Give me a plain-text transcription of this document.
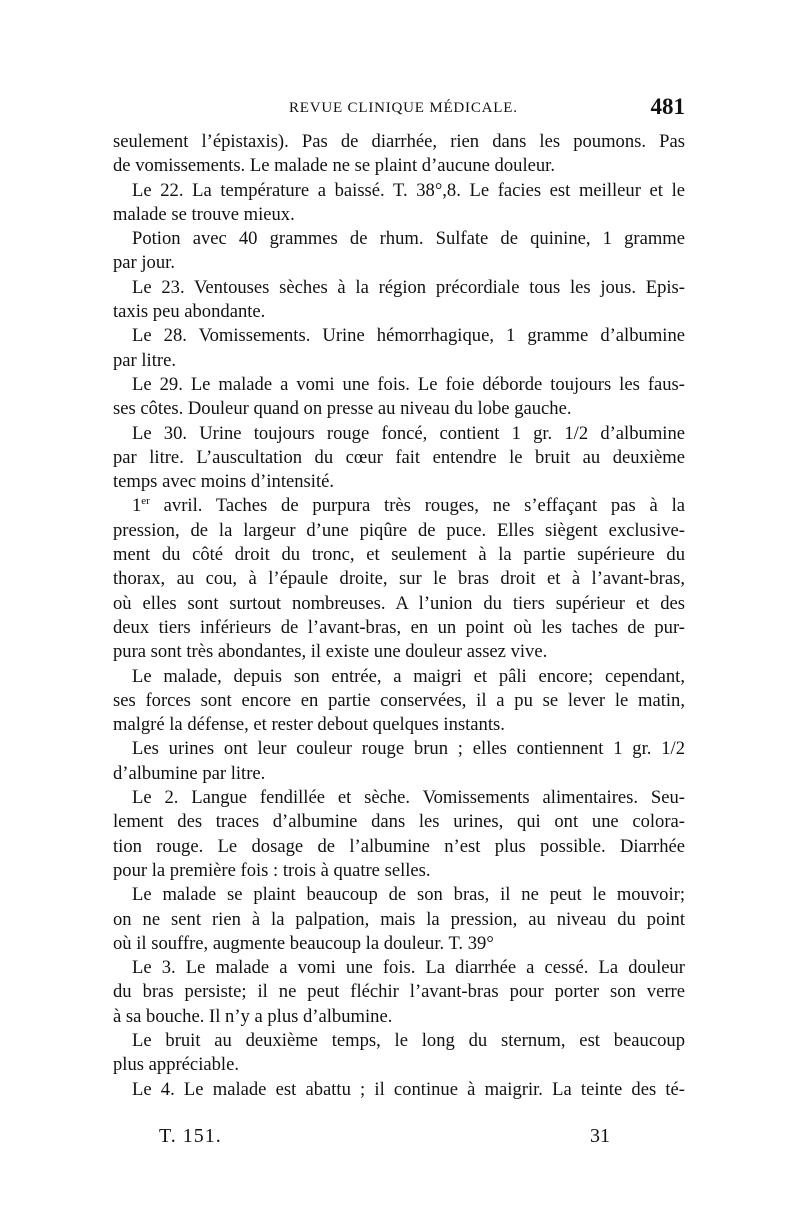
REVUE CLINIQUE MÉDICALE.	481
seulement l’épistaxis). Pas de diarrhée, rien dans les poumons. Pas
de vomissements. Le malade ne se plaint d’aucune douleur.
Le 22. La température a baissé. T. 38°,8. Le facies est meilleur et le
malade se trouve mieux.
Potion avec 40 grammes de rhum. Sulfate de quinine, 1 gramme
par jour.
Le 23. Ventouses sèches à la région précordiale tous les jous. Epis-
taxis peu abondante.
Le 28. Vomissements. Urine hémorrhagique, 1 gramme d’albumine
par litre.
Le 29. Le malade a vomi une fois. Le foie déborde toujours les faus-
ses côtes. Douleur quand on presse au niveau du lobe gauche.
Le 30. Urine toujours rouge foncé, contient 1 gr. 1/2 d’albumine
par litre. L’auscultation du cœur fait entendre le bruit au deuxième
temps avec moins d’intensité.
1er avril. Taches de purpura très rouges, ne s’effaçant pas à la
pression, de la largeur d’une piqûre de puce. Elles siègent exclusive-
ment du côté droit du tronc, et seulement à la partie supérieure du
thorax, au cou, à l’épaule droite, sur le bras droit et à l’avant-bras,
où elles sont surtout nombreuses. A l’union du tiers supérieur et des
deux tiers inférieurs de l’avant-bras, en un point où les taches de pur-
pura sont très abondantes, il existe une douleur assez vive.
Le malade, depuis son entrée, a maigri et pâli encore; cependant,
ses forces sont encore en partie conservées, il a pu se lever le matin,
malgré la défense, et rester debout quelques instants.
Les urines ont leur couleur rouge brun ; elles contiennent 1 gr. 1/2
d’albumine par litre.
Le 2. Langue fendillée et sèche. Vomissements alimentaires. Seu-
lement des traces d’albumine dans les urines, qui ont une colora-
tion rouge. Le dosage de l’albumine n’est plus possible. Diarrhée
pour la première fois : trois à quatre selles.
Le malade se plaint beaucoup de son bras, il ne peut le mouvoir;
on ne sent rien à la palpation, mais la pression, au niveau du point
où il souffre, augmente beaucoup la douleur. T. 39°
Le 3. Le malade a vomi une fois. La diarrhée a cessé. La douleur
du bras persiste; il ne peut fléchir l’avant-bras pour porter son verre
à sa bouche. Il n’y a plus d’albumine.
Le bruit au deuxième temps, le long du sternum, est beaucoup
plus appréciable.
Le 4. Le malade est abattu ; il continue à maigrir. La teinte des té-
T. 151.	31
